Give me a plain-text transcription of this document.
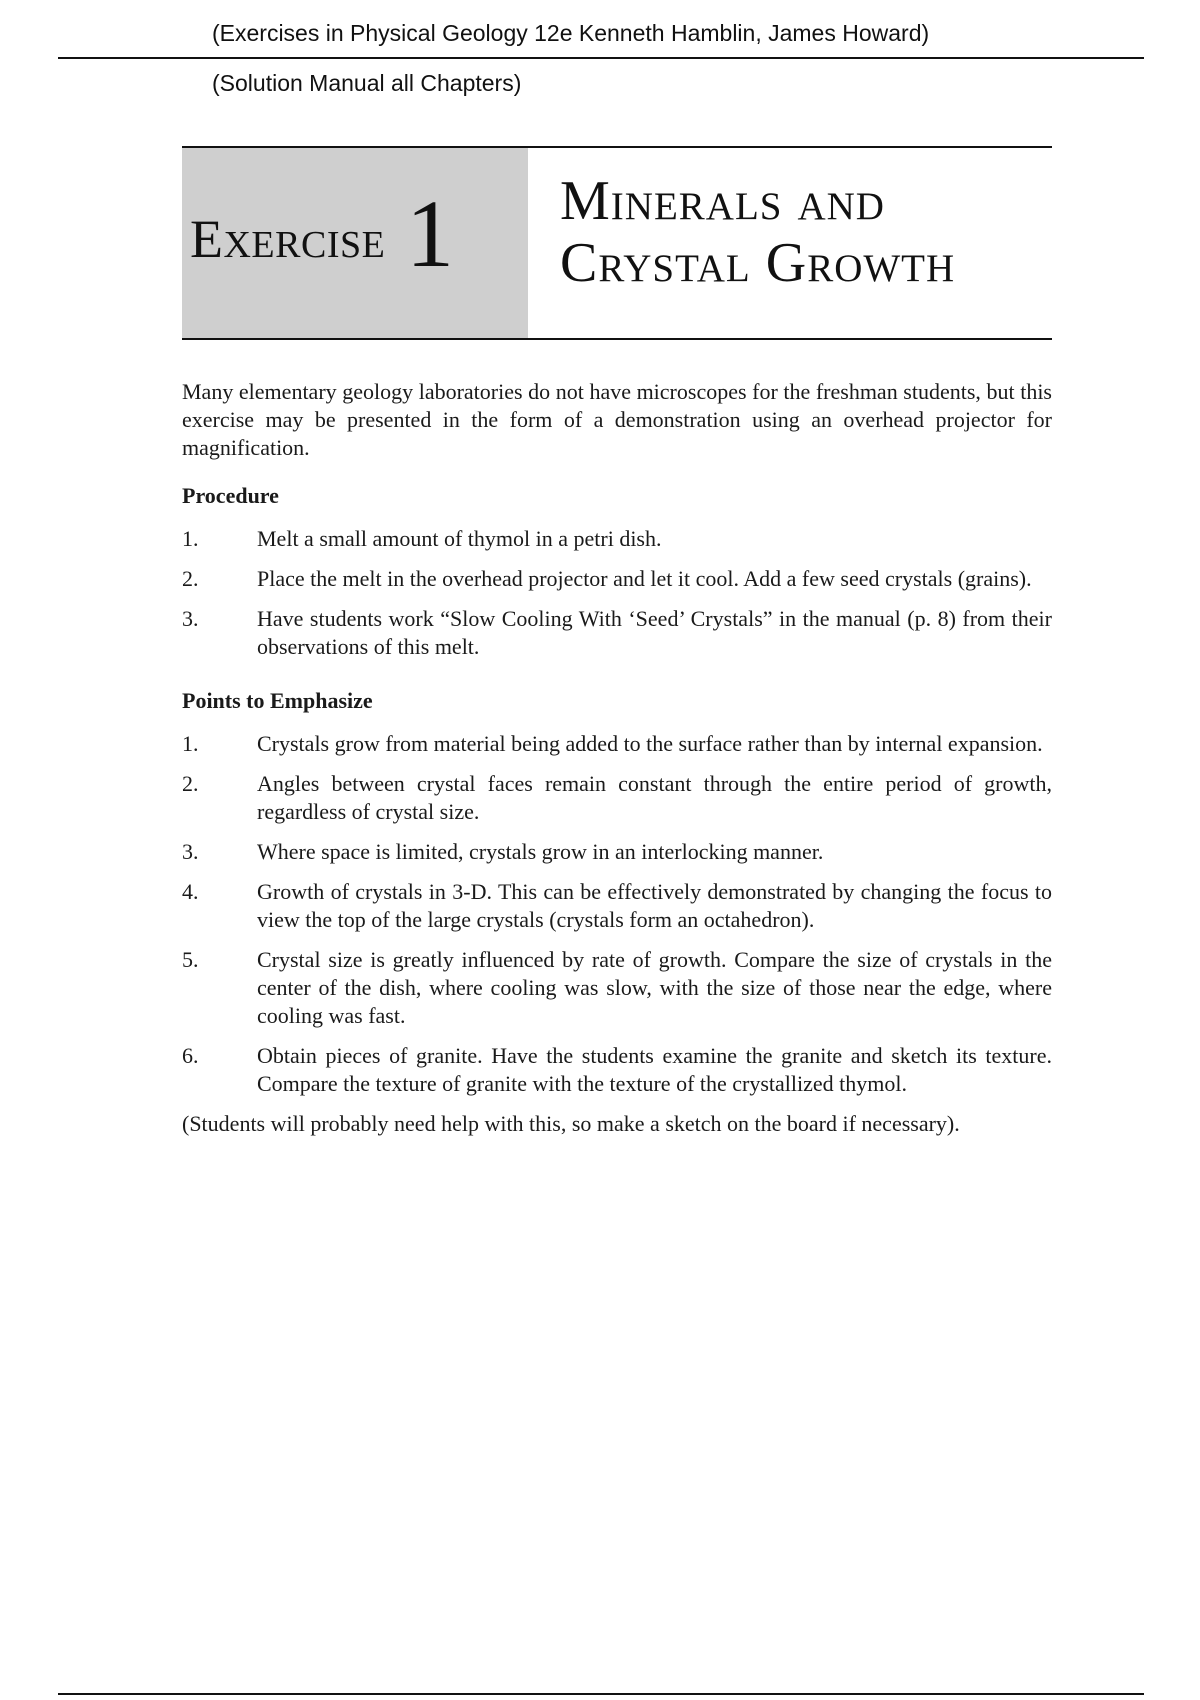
(Exercises in Physical Geology 12e Kenneth Hamblin, James Howard)
(Solution Manual all Chapters)
Exercise 1 Minerals and
Crystal Growth

Many elementary geology laboratories do not have microscopes for the freshman students, but this exercise may be presented in the form of a demonstration using an overhead projector for magnification.

Procedure
1.	Melt a small amount of thymol in a petri dish.
2.	Place the melt in the overhead projector and let it cool. Add a few seed crystals (grains).
3.	Have students work “Slow Cooling With ‘Seed’ Crystals” in the manual (p. 8) from their observations of this melt.
Points to Emphasize
1.	Crystals grow from material being added to the surface rather than by internal expansion.
2.	Angles between crystal faces remain constant through the entire period of growth, regardless of crystal size.
3.	Where space is limited, crystals grow in an interlocking manner.
4.	Growth of crystals in 3-D. This can be effectively demonstrated by changing the focus to view the top of the large crystals (crystals form an octahedron).
5.	Crystal size is greatly influenced by rate of growth. Compare the size of crystals in the center of the dish, where cooling was slow, with the size of those near the edge, where cooling was fast.
6.	Obtain pieces of granite. Have the students examine the granite and sketch its texture. Compare the texture of granite with the texture of the crystallized thymol.

(Students will probably need help with this, so make a sketch on the board if necessary).
